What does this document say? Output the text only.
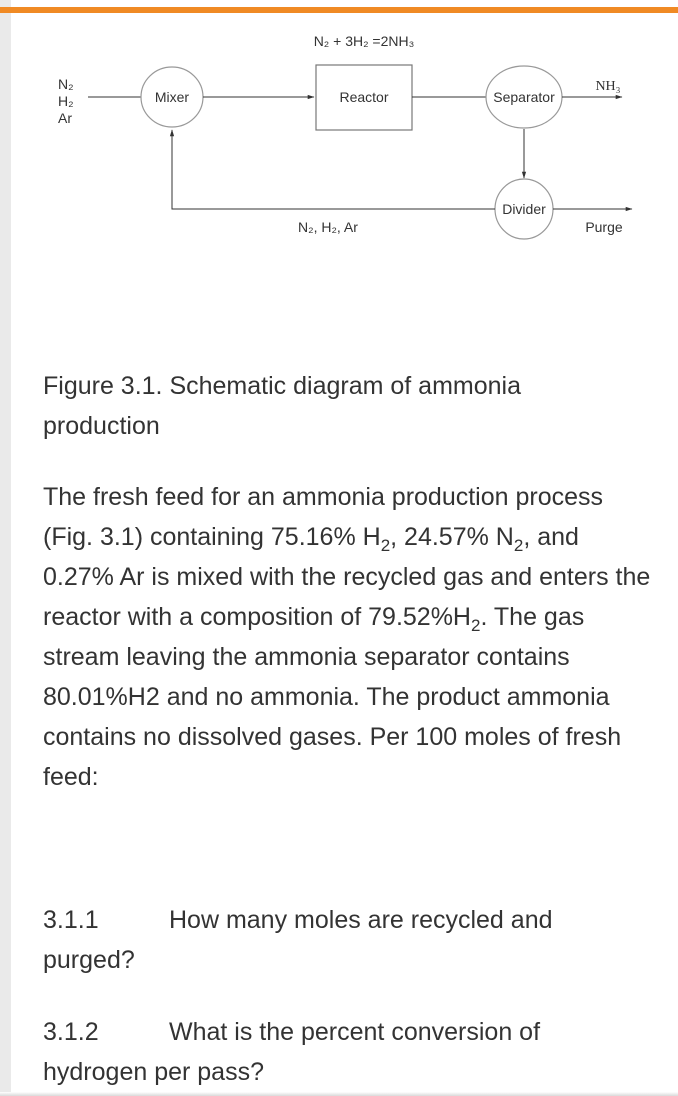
N₂ + 3H₂ =2NH₃
N₂
H₂
Ar
Mixer	Reactor	Separator
NH₃
Divider
Purge
N₂, H₂, Ar
Figure 3.1. Schematic diagram of ammonia production
The fresh feed for an ammonia production process (Fig. 3.1) containing 75.16% $H_2$, 24.57% $N_2$, and 0.27% Ar is mixed with the recycled gas and enters the reactor with a composition of $79.52\%H_2$. The gas stream leaving the ammonia separator contains 80.01%H2 and no ammonia. The product ammonia contains no dissolved gases. Per 100 moles of fresh feed:
3.1.1	How many moles are recycled and purged?
3.1.2	What is the percent conversion of hydrogen per pass?
